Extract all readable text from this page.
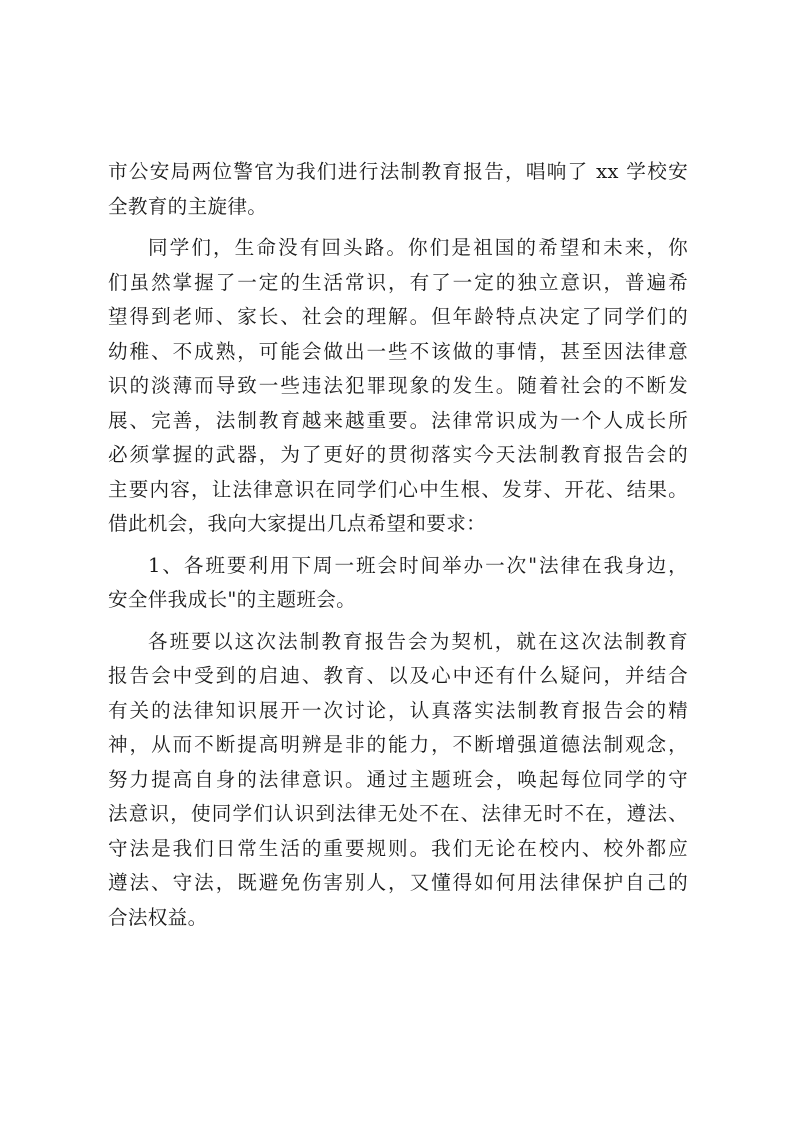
市公安局两位警官为我们进行法制教育报告，唱响了 xx 学校安
全教育的主旋律。

同学们，生命没有回头路。你们是祖国的希望和未来，你
们虽然掌握了一定的生活常识，有了一定的独立意识，普遍希
望得到老师、家长、社会的理解。但年龄特点决定了同学们的
幼稚、不成熟，可能会做出一些不该做的事情，甚至因法律意
识的淡薄而导致一些违法犯罪现象的发生。随着社会的不断发
展、完善，法制教育越来越重要。法律常识成为一个人成长所
必须掌握的武器，为了更好的贯彻落实今天法制教育报告会的
主要内容，让法律意识在同学们心中生根、发芽、开花、结果。
借此机会，我向大家提出几点希望和要求：

1、各班要利用下周一班会时间举办一次"法律在我身边，
安全伴我成长"的主题班会。

各班要以这次法制教育报告会为契机，就在这次法制教育
报告会中受到的启迪、教育、以及心中还有什么疑问，并结合
有关的法律知识展开一次讨论，认真落实法制教育报告会的精
神，从而不断提高明辨是非的能力，不断增强道德法制观念，
努力提高自身的法律意识。通过主题班会，唤起每位同学的守
法意识，使同学们认识到法律无处不在、法律无时不在，遵法、
守法是我们日常生活的重要规则。我们无论在校内、校外都应
遵法、守法，既避免伤害别人，又懂得如何用法律保护自己的
合法权益。
